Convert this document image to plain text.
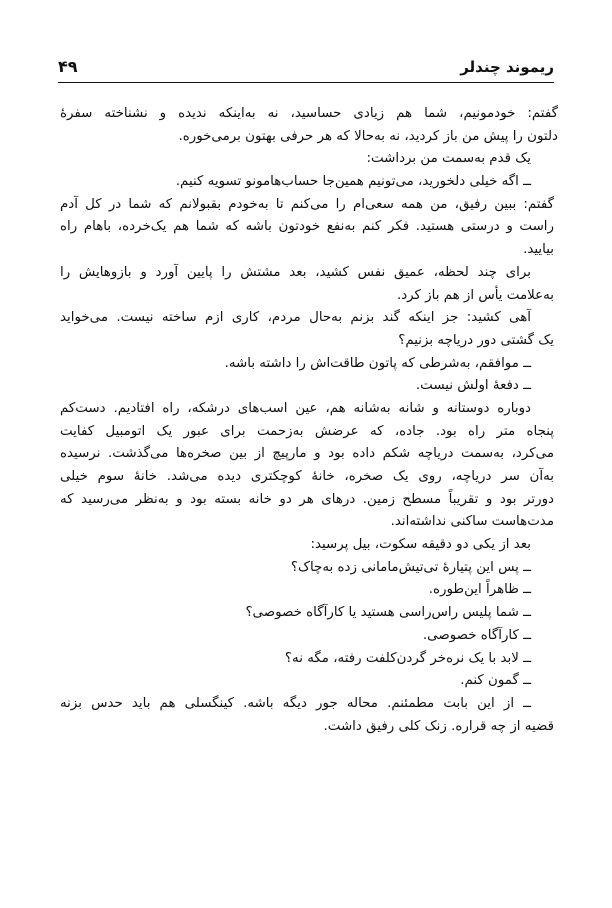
ریموند چندلر
۴۹
گفتم: خودمونیم، شما هم زیادی حساسید، نه به‌اینکه ندیده و نشناخته سفرهٔ
دلتون را پیش من باز کردید، نه به‌حالا که هر حرفی بهتون برمی‌خوره.
یک قدم به‌سمت من برداشت:
ــ اگه خیلی دلخورید، می‌تونیم همین‌جا حساب‌هامونو تسویه کنیم.
گفتم: ببین رفیق، من همه سعی‌ام را می‌کنم تا به‌خودم بقبولانم که شما در کل آدم
راست و درستی هستید. فکر کنم به‌نفع خودتون باشه که شما هم یک‌خرده، باهام راه
بیایید.
برای چند لحظه، عمیق نفس کشید، بعد مشتش را پایین آورد و بازوهایش را
به‌علامت یأس از هم باز کرد.
آهی کشید: جز اینکه گند بزنم به‌حال مردم، کاری ازم ساخته نیست. می‌خواید
یک گشتی دور دریاچه بزنیم؟
ــ موافقم، به‌شرطی که پاتون طاقت‌اش را داشته باشه.
ــ دفعهٔ اولش نیست.
دوباره دوستانه و شانه به‌شانه هم، عین اسب‌های درشکه، راه افتادیم. دست‌کم
پنجاه متر راه بود. جاده، که عرضش به‌زحمت برای عبور یک اتومبیل کفایت
می‌کرد، به‌سمت دریاچه شکم داده بود و مارپیچ از بین صخره‌ها می‌گذشت. نرسیده
به‌آن سر دریاچه، روی یک صخره، خانهٔ کوچکتری دیده می‌شد. خانهٔ سوم خیلی
دورتر بود و تقریباً مسطح زمین. درهای هر دو خانه بسته بود و به‌نظر می‌رسید که
مدت‌هاست ساکنی نداشته‌اند.
بعد از یکی دو دقیقه سکوت، بیل پرسید:
ــ پس این پتیارهٔ تی‌تیش‌مامانی زده به‌چاک؟
ــ ظاهراً این‌طوره.
ــ شما پلیس راس‌راسی هستید یا کارآگاه خصوصی؟
ــ کارآگاه خصوصی.
ــ لابد با یک نره‌خر گردن‌کلفت رفته، مگه نه؟
ــ گمون کنم.
ــ از این بابت مطمئنم. محاله جور دیگه باشه. کینگسلی هم باید حدس بزنه
قضیه از چه قراره. زنک کلی رفیق داشت.
